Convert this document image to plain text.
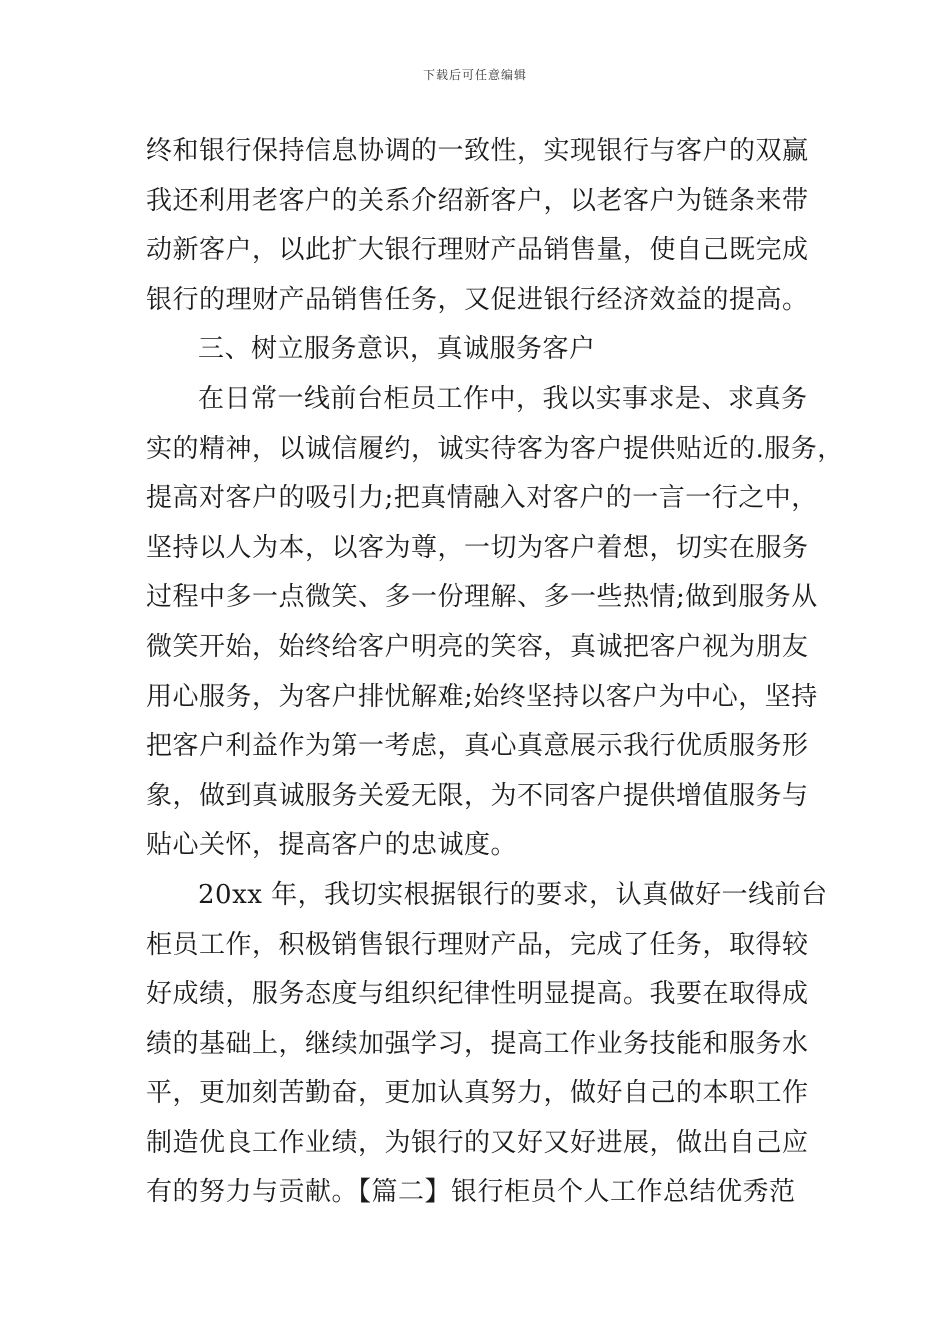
下载后可任意编辑
终和银行保持信息协调的一致性，实现银行与客户的双赢
我还利用老客户的关系介绍新客户，以老客户为链条来带
动新客户，以此扩大银行理财产品销售量，使自己既完成
银行的理财产品销售任务，又促进银行经济效益的提高。
三、树立服务意识，真诚服务客户
在日常一线前台柜员工作中，我以实事求是、求真务
实的精神，以诚信履约，诚实待客为客户提供贴近的.服务，
提高对客户的吸引力;把真情融入对客户的一言一行之中，
坚持以人为本，以客为尊，一切为客户着想，切实在服务
过程中多一点微笑、多一份理解、多一些热情;做到服务从
微笑开始，始终给客户明亮的笑容，真诚把客户视为朋友
用心服务，为客户排忧解难;始终坚持以客户为中心，坚持
把客户利益作为第一考虑，真心真意展示我行优质服务形
象，做到真诚服务关爱无限，为不同客户提供增值服务与
贴心关怀，提高客户的忠诚度。
20xx 年，我切实根据银行的要求，认真做好一线前台
柜员工作，积极销售银行理财产品，完成了任务，取得较
好成绩，服务态度与组织纪律性明显提高。我要在取得成
绩的基础上，继续加强学习，提高工作业务技能和服务水
平，更加刻苦勤奋，更加认真努力，做好自己的本职工作
制造优良工作业绩，为银行的又好又好进展，做出自己应
有的努力与贡献。【篇二】银行柜员个人工作总结优秀范
